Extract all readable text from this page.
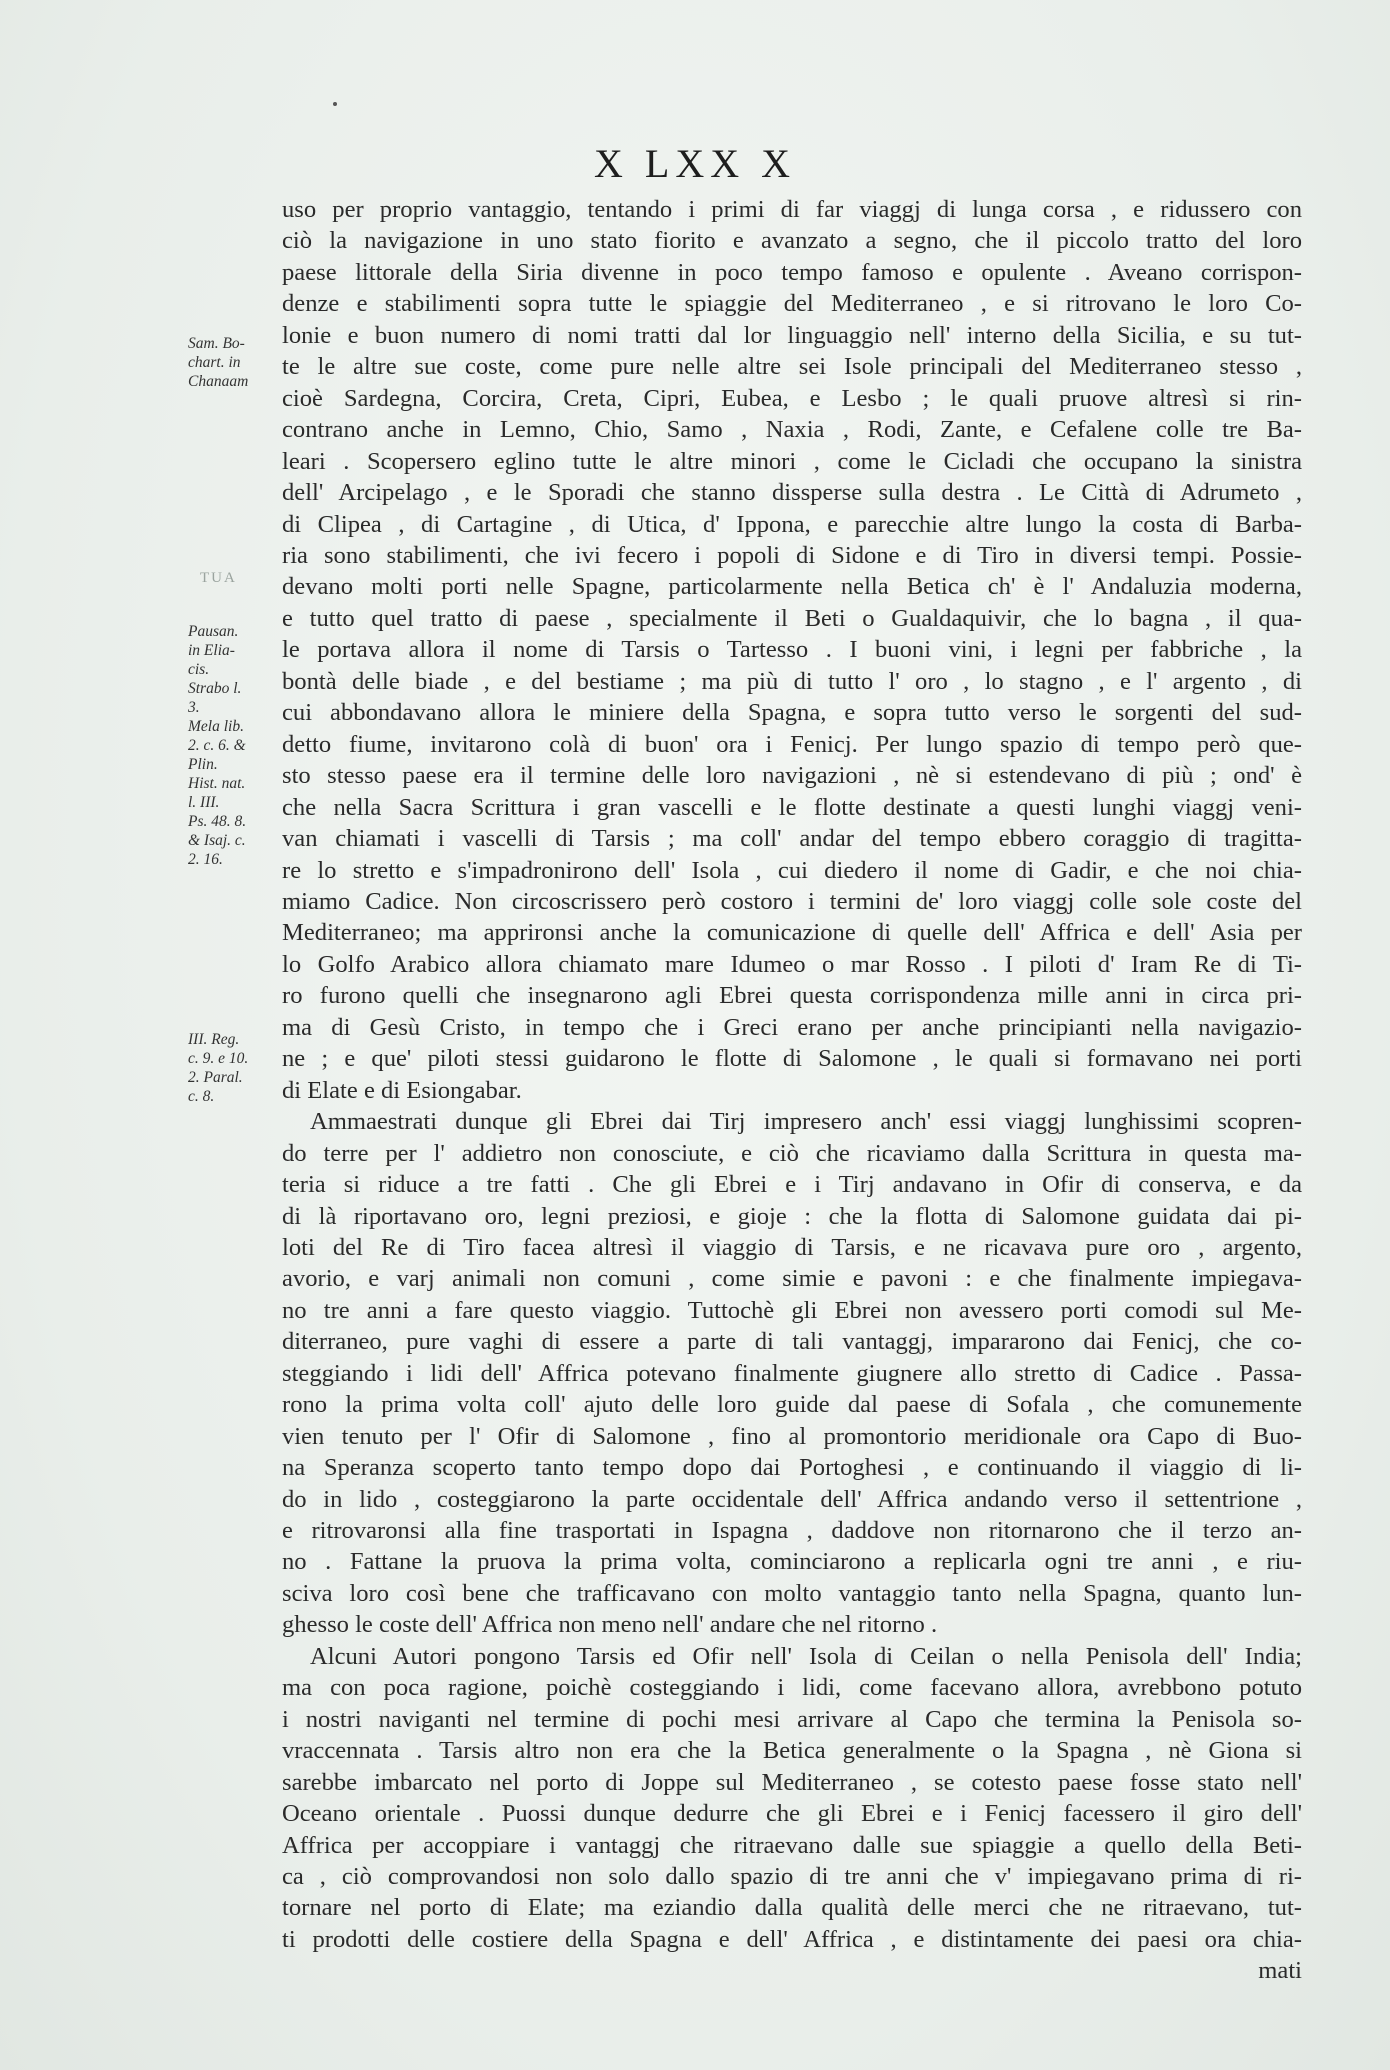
X LXX X
Sam. Bo-
chart. in
Chanaam
TUA
Pausan.
in Elia-
cis.
Strabo l.
3.
Mela lib.
2. c. 6. &
Plin.
Hist. nat.
l. III.
Ps. 48. 8.
& Isaj. c.
2. 16.
III. Reg.
c. 9. e 10.
2. Paral.
c. 8.
uso per proprio vantaggio, tentando i primi di far viaggj di lunga corsa , e ridussero con
ciò la navigazione in uno stato fiorito e avanzato a segno, che il piccolo tratto del loro
paese littorale della Siria divenne in poco tempo famoso e opulente . Aveano corrispon-
denze e stabilimenti sopra tutte le spiaggie del Mediterraneo , e si ritrovano le loro Co-
lonie e buon numero di nomi tratti dal lor linguaggio nell' interno della Sicilia, e su tut-
te le altre sue coste, come pure nelle altre sei Isole principali del Mediterraneo stesso ,
cioè Sardegna, Corcira, Creta, Cipri, Eubea, e Lesbo ; le quali pruove altresì si rin-
contrano anche in Lemno, Chio, Samo , Naxia , Rodi, Zante, e Cefalene colle tre Ba-
leari . Scopersero eglino tutte le altre minori , come le Cicladi che occupano la sinistra
dell' Arcipelago , e le Sporadi che stanno dissperse sulla destra . Le Città di Adrumeto ,
di Clipea , di Cartagine , di Utica, d' Ippona, e parecchie altre lungo la costa di Barba-
ria sono stabilimenti, che ivi fecero i popoli di Sidone e di Tiro in diversi tempi. Possie-
devano molti porti nelle Spagne, particolarmente nella Betica ch' è l' Andaluzia moderna,
e tutto quel tratto di paese , specialmente il Beti o Gualdaquivir, che lo bagna , il qua-
le portava allora il nome di Tarsis o Tartesso . I buoni vini, i legni per fabbriche , la
bontà delle biade , e del bestiame ; ma più di tutto l' oro , lo stagno , e l' argento , di
cui abbondavano allora le miniere della Spagna, e sopra tutto verso le sorgenti del sud-
detto fiume, invitarono colà di buon' ora i Fenicj. Per lungo spazio di tempo però que-
sto stesso paese era il termine delle loro navigazioni , nè si estendevano di più ; ond' è
che nella Sacra Scrittura i gran vascelli e le flotte destinate a questi lunghi viaggj veni-
van chiamati i vascelli di Tarsis ; ma coll' andar del tempo ebbero coraggio di tragitta-
re lo stretto e s'impadronirono dell' Isola , cui diedero il nome di Gadir, e che noi chia-
miamo Cadice. Non circoscrissero però costoro i termini de' loro viaggj colle sole coste del
Mediterraneo; ma apprironsi anche la comunicazione di quelle dell' Affrica e dell' Asia per
lo Golfo Arabico allora chiamato mare Idumeo o mar Rosso . I piloti d' Iram Re di Ti-
ro furono quelli che insegnarono agli Ebrei questa corrispondenza mille anni in circa pri-
ma di Gesù Cristo, in tempo che i Greci erano per anche principianti nella navigazio-
ne ; e que' piloti stessi guidarono le flotte di Salomone , le quali si formavano nei porti
di Elate e di Esiongabar.
Ammaestrati dunque gli Ebrei dai Tirj impresero anch' essi viaggj lunghissimi scopren-
do terre per l' addietro non conosciute, e ciò che ricaviamo dalla Scrittura in questa ma-
teria si riduce a tre fatti . Che gli Ebrei e i Tirj andavano in Ofir di conserva, e da
di là riportavano oro, legni preziosi, e gioje : che la flotta di Salomone guidata dai pi-
loti del Re di Tiro facea altresì il viaggio di Tarsis, e ne ricavava pure oro , argento,
avorio, e varj animali non comuni , come simie e pavoni : e che finalmente impiegava-
no tre anni a fare questo viaggio. Tuttochè gli Ebrei non avessero porti comodi sul Me-
diterraneo, pure vaghi di essere a parte di tali vantaggj, impararono dai Fenicj, che co-
steggiando i lidi dell' Affrica potevano finalmente giugnere allo stretto di Cadice . Passa-
rono la prima volta coll' ajuto delle loro guide dal paese di Sofala , che comunemente
vien tenuto per l' Ofir di Salomone , fino al promontorio meridionale ora Capo di Buo-
na Speranza scoperto tanto tempo dopo dai Portoghesi , e continuando il viaggio di li-
do in lido , costeggiarono la parte occidentale dell' Affrica andando verso il settentrione ,
e ritrovaronsi alla fine trasportati in Ispagna , daddove non ritornarono che il terzo an-
no . Fattane la pruova la prima volta, cominciarono a replicarla ogni tre anni , e riu-
sciva loro così bene che trafficavano con molto vantaggio tanto nella Spagna, quanto lun-
ghesso le coste dell' Affrica non meno nell' andare che nel ritorno .
Alcuni Autori pongono Tarsis ed Ofir nell' Isola di Ceilan o nella Penisola dell' India;
ma con poca ragione, poichè costeggiando i lidi, come facevano allora, avrebbono potuto
i nostri naviganti nel termine di pochi mesi arrivare al Capo che termina la Penisola so-
vraccennata . Tarsis altro non era che la Betica generalmente o la Spagna , nè Giona si
sarebbe imbarcato nel porto di Joppe sul Mediterraneo , se cotesto paese fosse stato nell'
Oceano orientale . Puossi dunque dedurre che gli Ebrei e i Fenicj facessero il giro dell'
Affrica per accoppiare i vantaggj che ritraevano dalle sue spiaggie a quello della Beti-
ca , ciò comprovandosi non solo dallo spazio di tre anni che v' impiegavano prima di ri-
tornare nel porto di Elate; ma eziandio dalla qualità delle merci che ne ritraevano, tut-
ti prodotti delle costiere della Spagna e dell' Affrica , e distintamente dei paesi ora chia-
mati
